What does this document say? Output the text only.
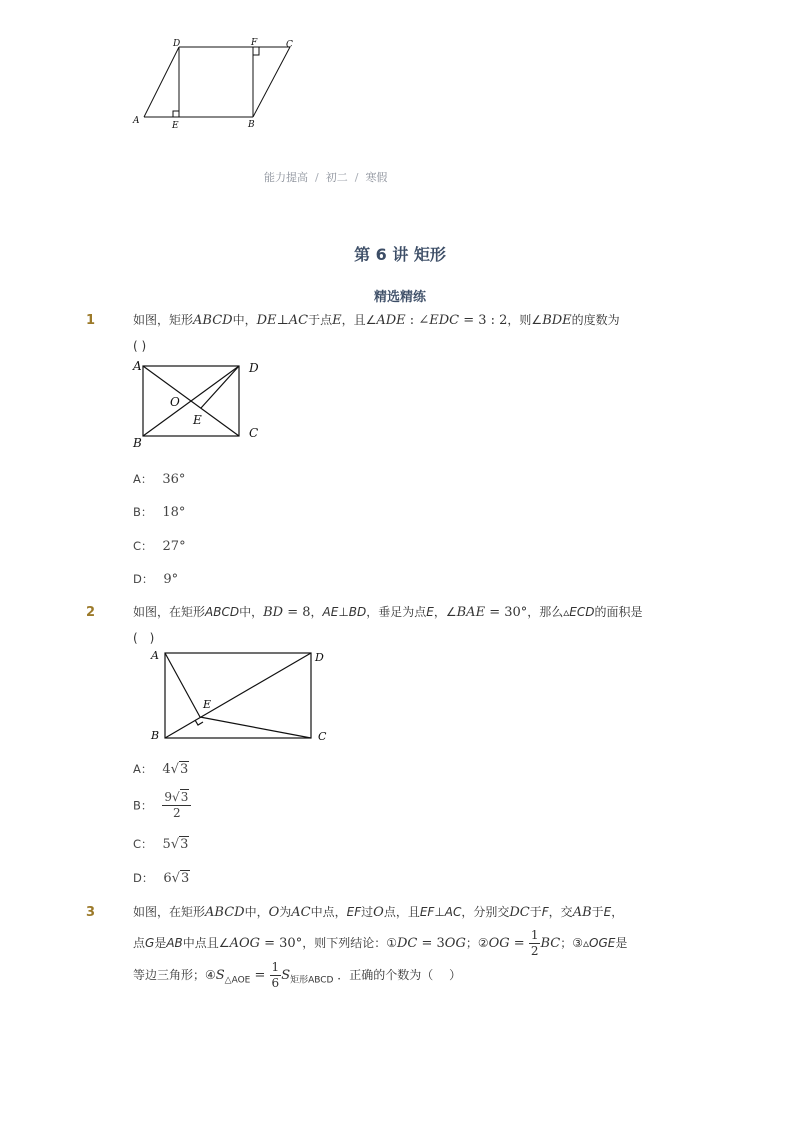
D	F	C
A	E	B
能力提高 / 初二 / 寒假
第 6 讲 矩形
精选精练
1	如图，矩形ABCD中，DE⊥AC于点E，且∠ADE : ∠EDC = 3 : 2，则∠BDE的度数为
( )
A	D
B
C
O
E
A： 36°
B： 18°
C： 27°
D： 9°
2	如图，在矩形ABCD中，BD = 8，AE⊥BD，垂足为点E，∠BAE = 30°，那么▵ECD的面积是
(　)
A	D
B	C
E
A： 4√3
B： $\frac{9√3}{2}$
C： 5√3
D： 6√3
3	如图，在矩形ABCD中，O为AC中点，EF过O点，且EF⊥AC，分别交DC于F，交AB于E，
点G是AB中点且∠AOG = 30°，则下列结论：①DC = 3OG；②OG = $\frac{1}{2}$ BC；③▵OGE是
等边三角形；$④S_{\triangle AOE} = \frac{1}{6} S_{矩形ABCD}$ ．正确的个数为（　 ）
